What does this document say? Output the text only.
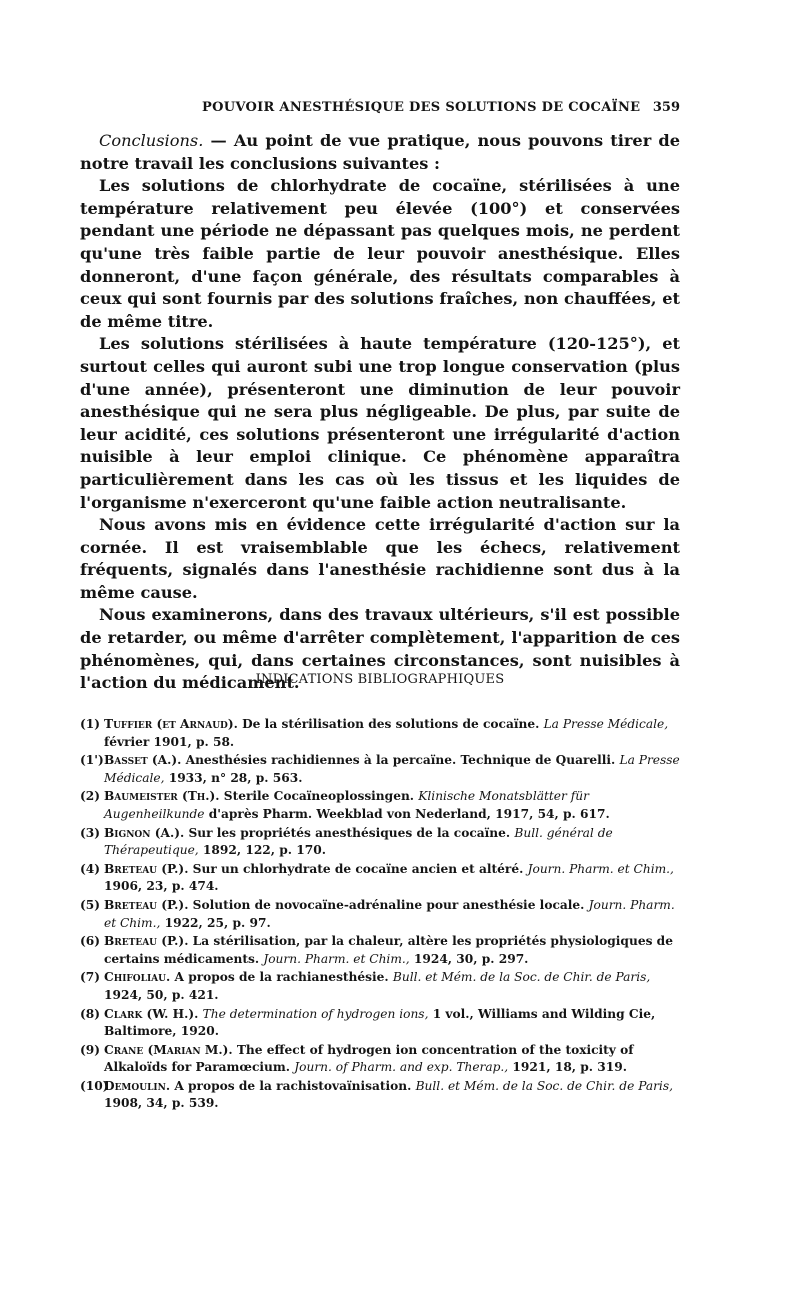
POUVOIR ANESTHÉSIQUE DES SOLUTIONS DE COCAÏNE 359

Conclusions. — Au point de vue pratique, nous pouvons tirer de notre travail les conclusions suivantes :

Les solutions de chlorhydrate de cocaïne, stérilisées à une température relativement peu élevée (100°) et conservées pendant une période ne dépassant pas quelques mois, ne perdent qu'une très faible partie de leur pouvoir anesthésique. Elles donneront, d'une façon générale, des résultats comparables à ceux qui sont fournis par des solutions fraîches, non chauffées, et de même titre.

Les solutions stérilisées à haute température (120-125°), et surtout celles qui auront subi une trop longue conservation (plus d'une année), présenteront une diminution de leur pouvoir anesthésique qui ne sera plus négligeable. De plus, par suite de leur acidité, ces solutions présenteront une irrégularité d'action nuisible à leur emploi clinique. Ce phénomène apparaîtra particulièrement dans les cas où les tissus et les liquides de l'organisme n'exerceront qu'une faible action neutralisante.

Nous avons mis en évidence cette irrégularité d'action sur la cornée. Il est vraisemblable que les échecs, relativement fréquents, signalés dans l'anesthésie rachidienne sont dus à la même cause.

Nous examinerons, dans des travaux ultérieurs, s'il est possible de retarder, ou même d'arrêter complètement, l'apparition de ces phénomènes, qui, dans certaines circonstances, sont nuisibles à l'action du médicament.

INDICATIONS BIBLIOGRAPHIQUES
(1) Tuffier (et Arnaud). De la stérilisation des solutions de cocaïne. La Presse Médicale, février 1901, p. 58.
(1') Basset (A.). Anesthésies rachidiennes à la percaïne. Technique de Quarelli. La Presse Médicale, 1933, n° 28, p. 563.
(2) Baumeister (Th.). Sterile Cocaïneoplossingen. Klinische Monatsblätter für Augenheilkunde d'après Pharm. Weekblad von Nederland, 1917, 54, p. 617.
(3) Bignon (A.). Sur les propriétés anesthésiques de la cocaïne. Bull. général de Thérapeutique, 1892, 122, p. 170.
(4) Breteau (P.). Sur un chlorhydrate de cocaïne ancien et altéré. Journ. Pharm. et Chim., 1906, 23, p. 474.
(5) Breteau (P.). Solution de novocaïne-adrénaline pour anesthésie locale. Journ. Pharm. et Chim., 1922, 25, p. 97.
(6) Breteau (P.). La stérilisation, par la chaleur, altère les propriétés physiologiques de certains médicaments. Journ. Pharm. et Chim., 1924, 30, p. 297.
(7) Chifoliau. A propos de la rachianesthésie. Bull. et Mém. de la Soc. de Chir. de Paris, 1924, 50, p. 421.
(8) Clark (W. H.). The determination of hydrogen ions, 1 vol., Williams and Wilding Cie, Baltimore, 1920.
(9) Crane (Marian M.). The effect of hydrogen ion concentration of the toxicity of Alkaloïds for Paramœcium. Journ. of Pharm. and exp. Therap., 1921, 18, p. 319.
(10)
Demoulin. A propos de la rachistovaïnisation. Bull. et Mém. de la Soc. de Chir. de Paris, 1908, 34, p. 539.
